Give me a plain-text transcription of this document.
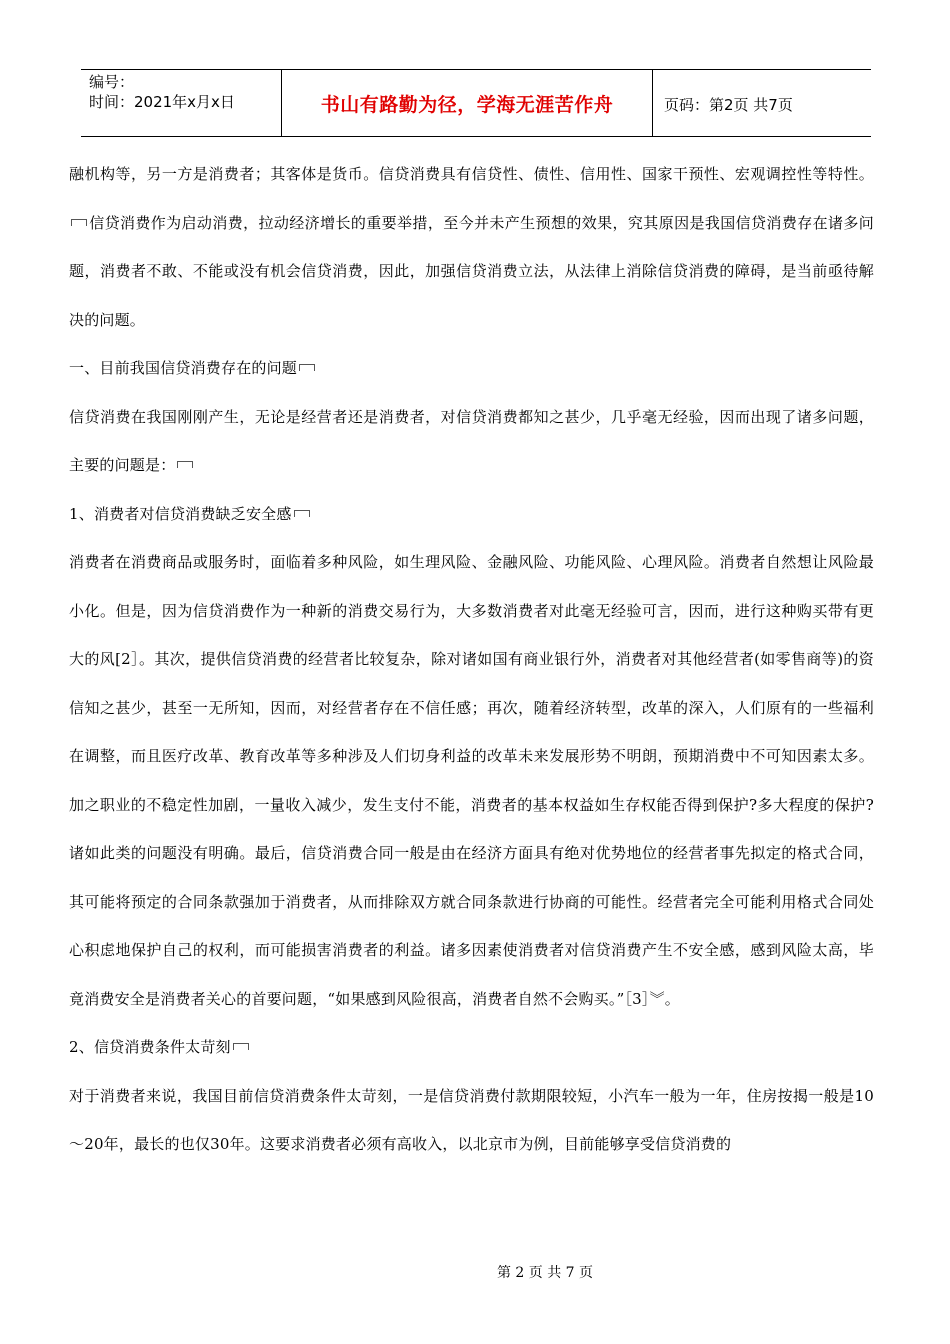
编号：
时间：2021年x月x日	书山有路勤为径，学海无涯苦作舟	页码：第2页 共7页

融机构等，另一方是消费者；其客体是货币。信贷消费具有信贷性、债性、信用性、国家干预性、宏观调控性等特性。信贷消费作为启动消费，拉动经济增长的重要举措，至今并未产生预想的效果，究其原因是我国信贷消费存在诸多问题，消费者不敢、不能或没有机会信贷消费，因此，加强信贷消费立法，从法律上消除信贷消费的障碍，是当前亟待解决的问题。

一、目前我国信贷消费存在的问题

信贷消费在我国刚刚产生，无论是经营者还是消费者，对信贷消费都知之甚少，几乎毫无经验，因而出现了诸多问题，主要的问题是：

1、消费者对信贷消费缺乏安全感

消费者在消费商品或服务时，面临着多种风险，如生理风险、金融风险、功能风险、心理风险。消费者自然想让风险最小化。但是，因为信贷消费作为一种新的消费交易行为，大多数消费者对此毫无经验可言，因而，进行这种购买带有更大的风[2］。其次，提供信贷消费的经营者比较复杂，除对诸如国有商业银行外，消费者对其他经营者(如零售商等)的资信知之甚少，甚至一无所知，因而，对经营者存在不信任感；再次，随着经济转型，改革的深入，人们原有的一些福利在调整，而且医疗改革、教育改革等多种涉及人们切身利益的改革未来发展形势不明朗，预期消费中不可知因素太多。加之职业的不稳定性加剧，一量收入减少，发生支付不能，消费者的基本权益如生存权能否得到保护?多大程度的保护?诸如此类的问题没有明确。最后，信贷消费合同一般是由在经济方面具有绝对优势地位的经营者事先拟定的格式合同，其可能将预定的合同条款强加于消费者，从而排除双方就合同条款进行协商的可能性。经营者完全可能利用格式合同处心积虑地保护自己的权利，而可能损害消费者的利益。诸多因素使消费者对信贷消费产生不安全感，感到风险太高，毕竟消费安全是消费者关心的首要问题，“如果感到风险很高，消费者自然不会购买。”［3］︾。

2、信贷消费条件太苛刻

对于消费者来说，我国目前信贷消费条件太苛刻，一是信贷消费付款期限较短，小汽车一般为一年，住房按揭一般是10～20年，最长的也仅30年。这要求消费者必须有高收入，以北京市为例，目前能够享受信贷消费的

第 2 页 共 7 页
